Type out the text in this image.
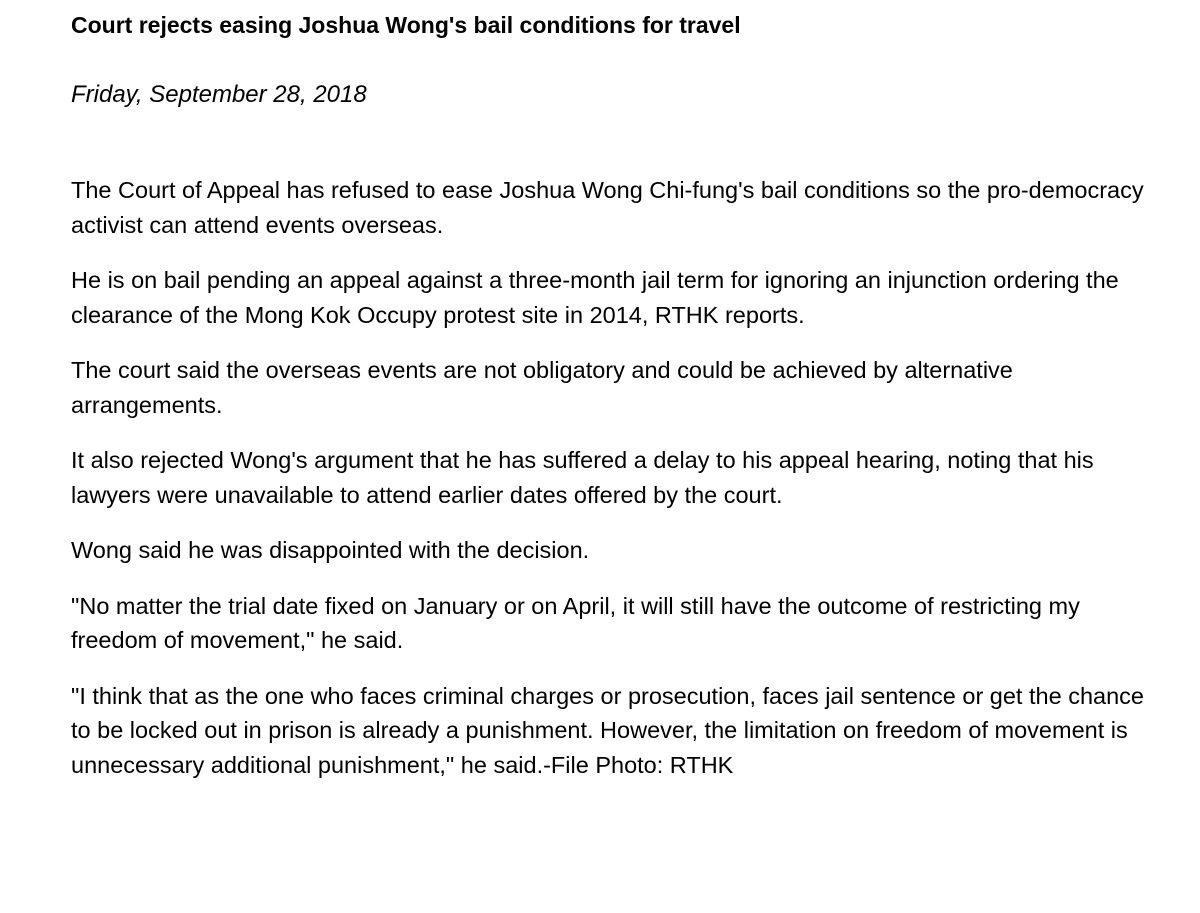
Court rejects easing Joshua Wong's bail conditions for travel

Friday, September 28, 2018

The Court of Appeal has refused to ease Joshua Wong Chi-fung's bail conditions so the pro-democracy activist can attend events overseas.

He is on bail pending an appeal against a three-month jail term for ignoring an injunction ordering the clearance of the Mong Kok Occupy protest site in 2014, RTHK reports.

The court said the overseas events are not obligatory and could be achieved by alternative arrangements.

It also rejected Wong's argument that he has suffered a delay to his appeal hearing, noting that his lawyers were unavailable to attend earlier dates offered by the court.

Wong said he was disappointed with the decision.

"No matter the trial date fixed on January or on April, it will still have the outcome of restricting my freedom of movement," he said.

"I think that as the one who faces criminal charges or prosecution, faces jail sentence or get the chance to be locked out in prison is already a punishment. However, the limitation on freedom of movement is unnecessary additional punishment," he said.-File Photo: RTHK
